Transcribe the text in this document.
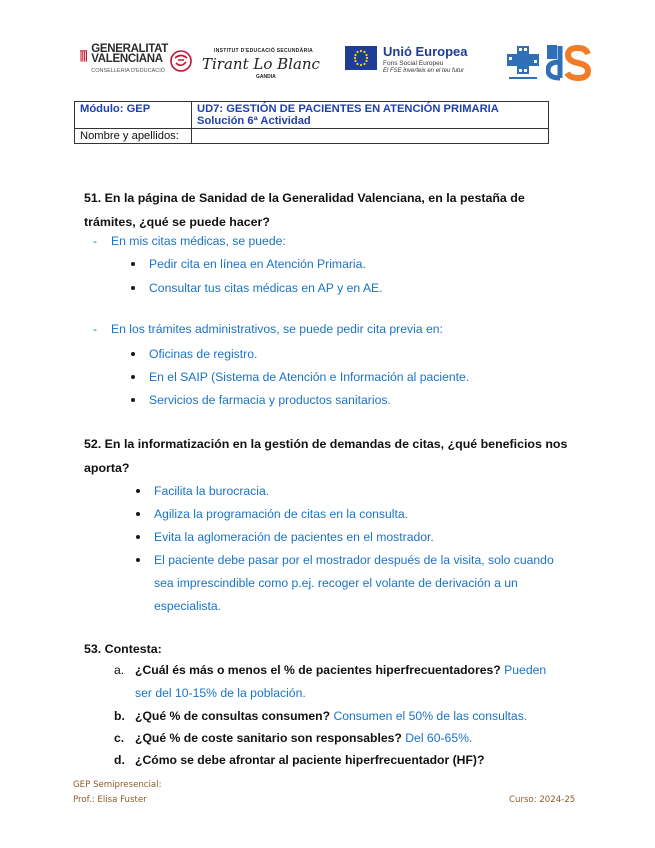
GENERALITAT
VALENCIANA
CONSELLERIA D'EDUCACIÓ
INSTITUT D'EDUCACIÓ SECUNDÀRIA
Tirant Lo Blanc
GANDIA
Unió Europea
Fons Social Europeu
El FSE inverteix en el teu futur
Módulo: GEP	UD7: GESTIÓN DE PACIENTES EN ATENCIÓN PRIMARIA
Solución 6ª Actividad

Nombre y apellidos:	
51. En la página de Sanidad de la Generalidad Valenciana, en la pestaña de
trámites, ¿qué se puede hacer?
- En mis citas médicas, se puede:
Pedir cita en línea en Atención Primaria.
Consultar tus citas médicas en AP y en AE.
- En los trámites administrativos, se puede pedir cita previa en:
Oficinas de registro.
En el SAIP (Sistema de Atención e Información al paciente.
Servicios de farmacia y productos sanitarios.
52. En la informatización en la gestión de demandas de citas, ¿qué beneficios nos
aporta?
Facilita la burocracia.
Agiliza la programación de citas en la consulta.
Evita la aglomeración de pacientes en el mostrador.
El paciente debe pasar por el mostrador después de la visita, solo cuando
sea imprescindible como p.ej. recoger el volante de derivación a un
especialista.
53. Contesta:
a. ¿Cuál és más o menos el % de pacientes hiperfrecuentadores? Pueden
ser del 10-15% de la población.
b. ¿Qué % de consultas consumen? Consumen el 50% de las consultas.
c. ¿Qué % de coste sanitario son responsables? Del 60-65%.
d. ¿Cómo se debe afrontar al paciente hiperfrecuentador (HF)?
GEP Semipresencial:
Prof.: Elisa Fuster	Curso: 2024-25
